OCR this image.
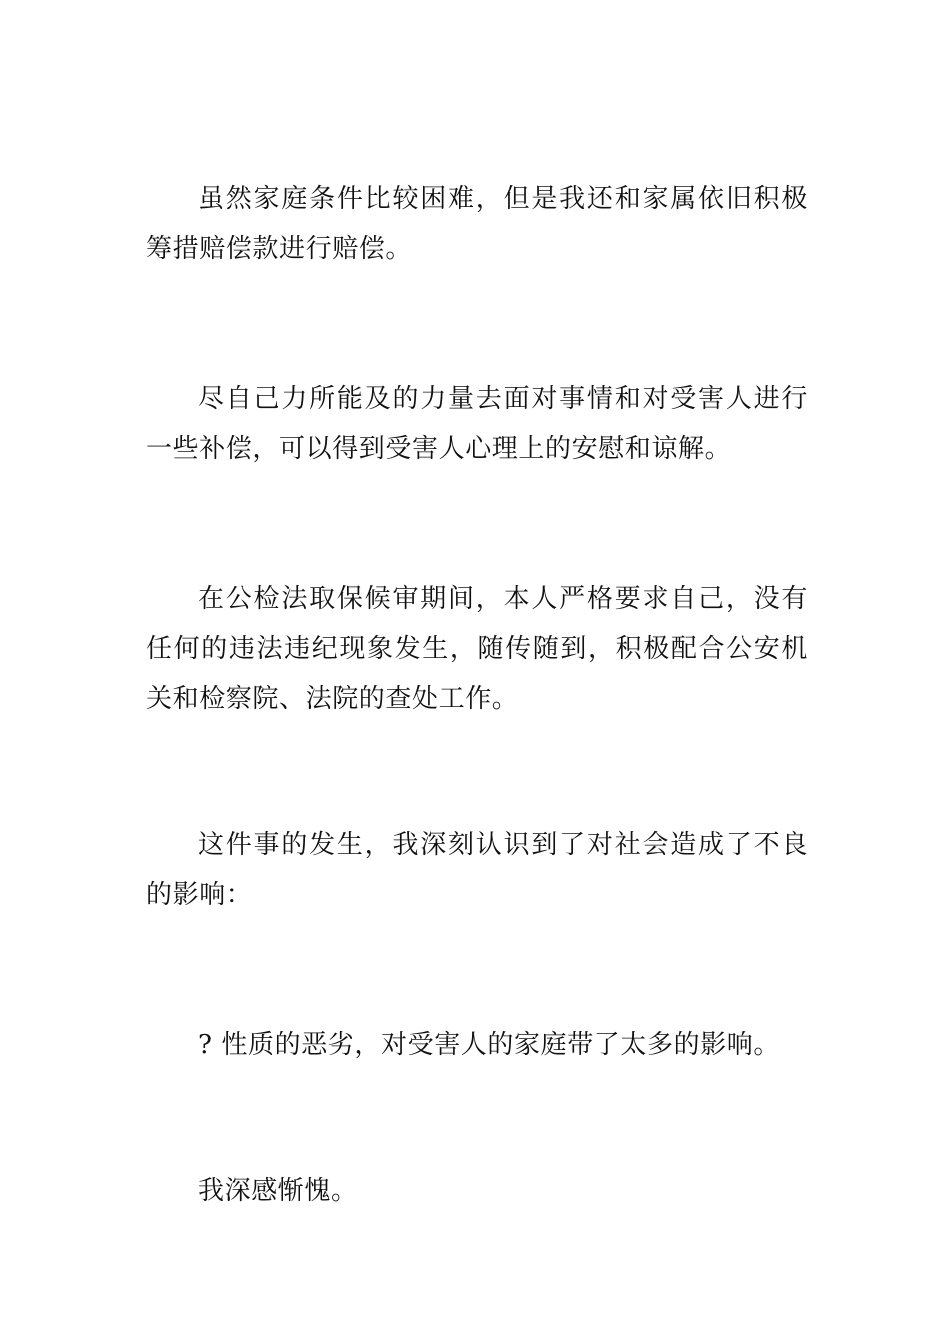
虽然家庭条件比较困难，但是我还和家属依旧积极筹措赔偿款进行赔偿。

尽自己力所能及的力量去面对事情和对受害人进行一些补偿，可以得到受害人心理上的安慰和谅解。

在公检法取保候审期间，本人严格要求自己，没有任何的违法违纪现象发生，随传随到，积极配合公安机关和检察院、法院的查处工作。

这件事的发生，我深刻认识到了对社会造成了不良的影响：

? 性质的恶劣，对受害人的家庭带了太多的影响。

我深感惭愧。
